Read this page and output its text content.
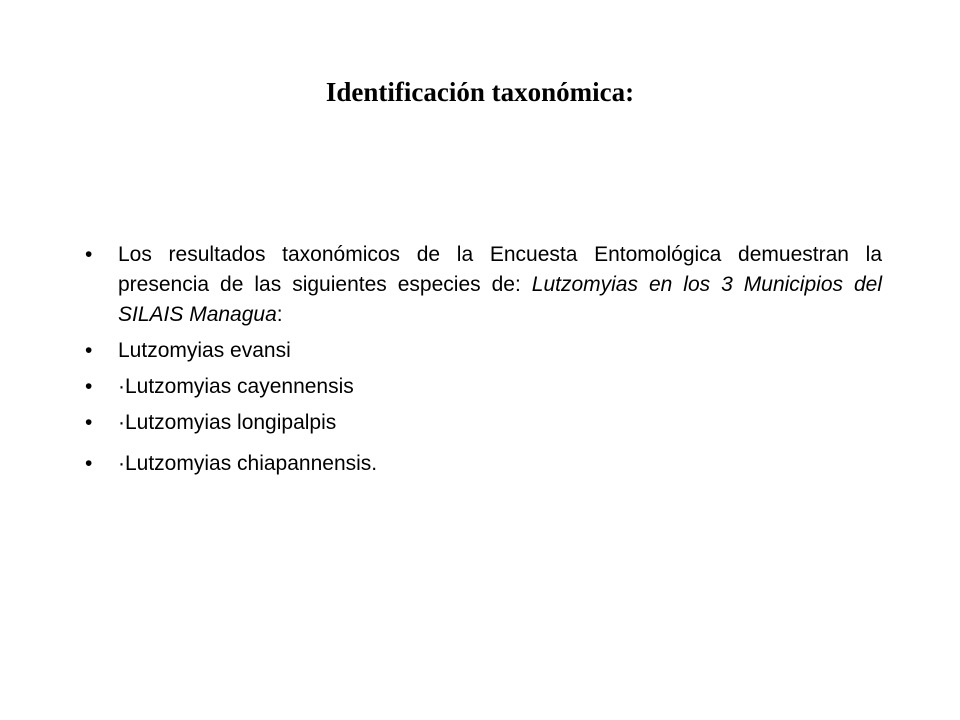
Identificación taxonómica:
• Los resultados taxonómicos de la Encuesta Entomológica demuestran la presencia de las siguientes especies de: Lutzomyias en los 3 Municipios del SILAIS Managua:
• Lutzomyias evansi
• ·Lutzomyias cayennensis
• ·Lutzomyias longipalpis
• ·Lutzomyias chiapannensis.
